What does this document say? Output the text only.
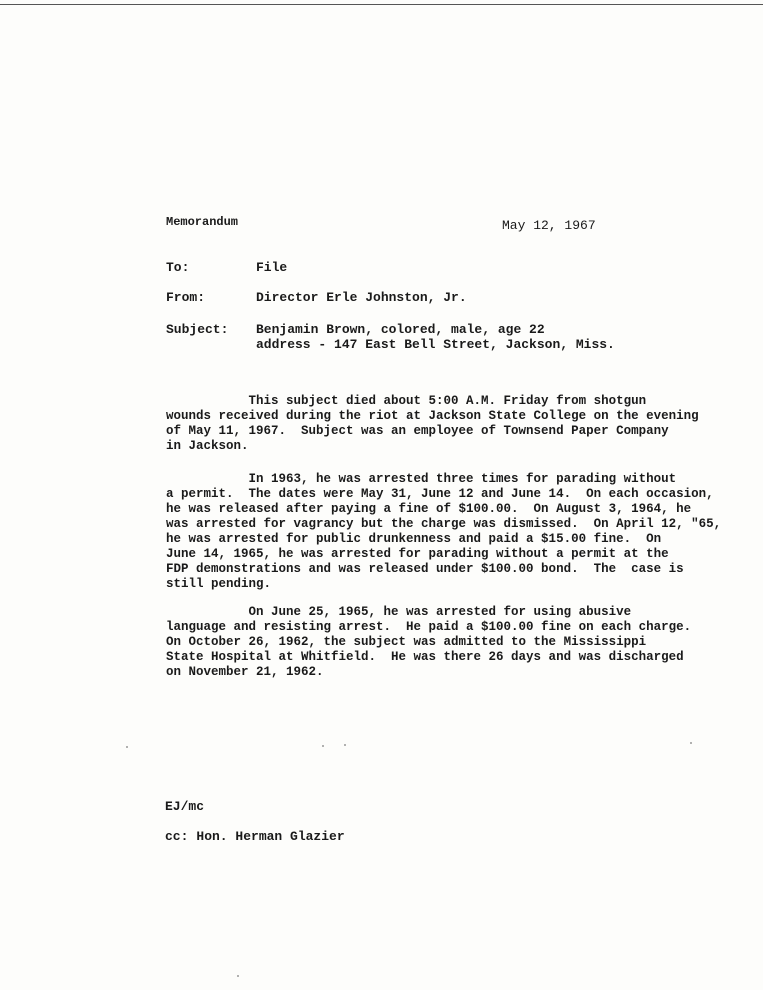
Memorandum	May 12, 1967
To:	File
From:	Director Erle Johnston, Jr.
Subject:	Benjamin Brown, colored, male, age 22
address - 147 East Bell Street, Jackson, Miss.
This subject died about 5:00 A.M. Friday from shotgun
wounds received during the riot at Jackson State College on the evening
of May 11, 1967.  Subject was an employee of Townsend Paper Company
in Jackson.
In 1963, he was arrested three times for parading without
a permit.  The dates were May 31, June 12 and June 14.  On each occasion,
he was released after paying a fine of $100.00.  On August 3, 1964, he
was arrested for vagrancy but the charge was dismissed.  On April 12, "65,
he was arrested for public drunkenness and paid a $15.00 fine.  On
June 14, 1965, he was arrested for parading without a permit at the
FDP demonstrations and was released under $100.00 bond.  The  case is
still pending.
On June 25, 1965, he was arrested for using abusive
language and resisting arrest.  He paid a $100.00 fine on each charge.
On October 26, 1962, the subject was admitted to the Mississippi
State Hospital at Whitfield.  He was there 26 days and was discharged
on November 21, 1962.
EJ/mc
cc: Hon. Herman Glazier
